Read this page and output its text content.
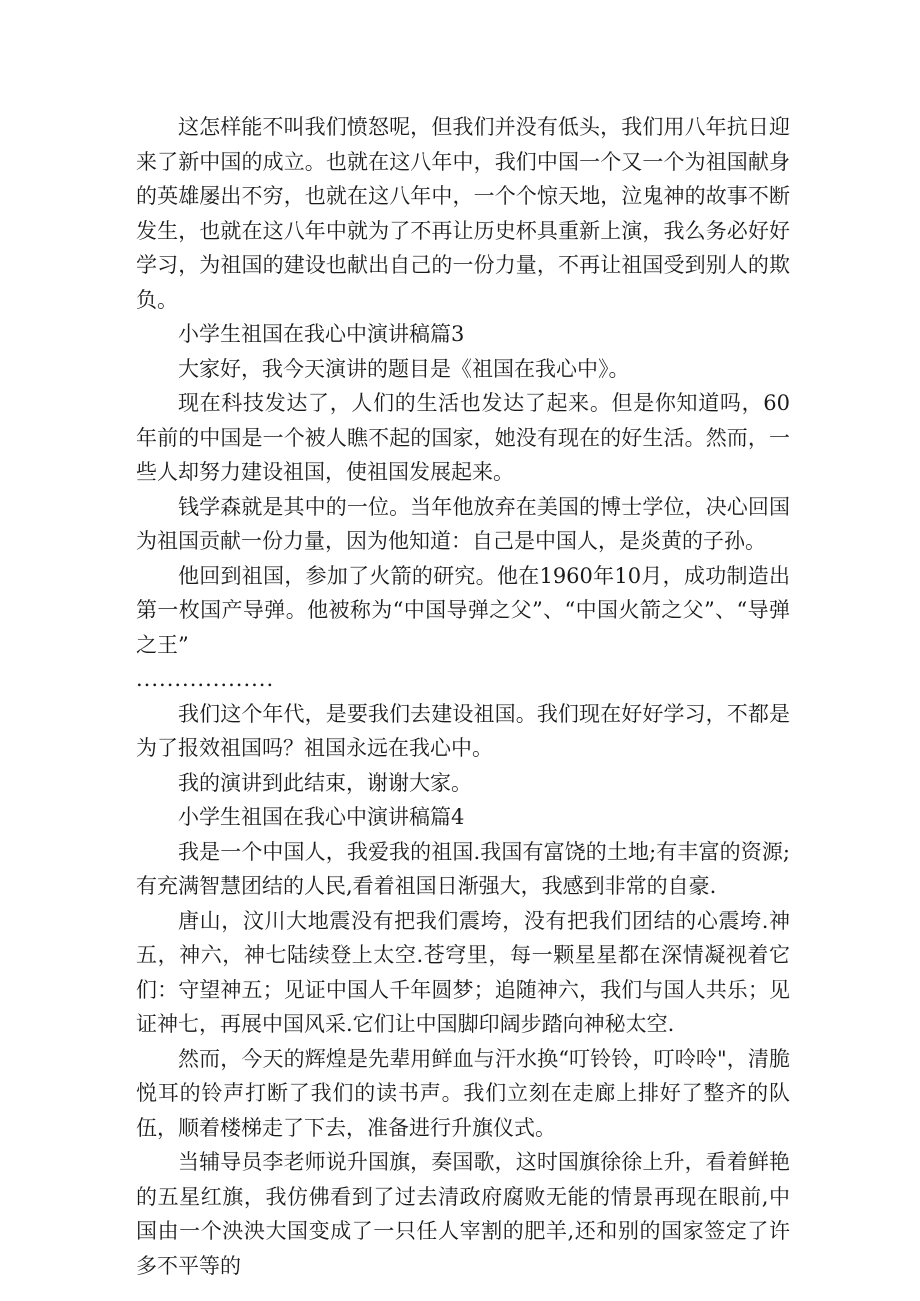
这怎样能不叫我们愤怒呢，但我们并没有低头，我们用八年抗日迎来了新中国的成立。也就在这八年中，我们中国一个又一个为祖国献身的英雄屡出不穷，也就在这八年中，一个个惊天地，泣鬼神的故事不断发生，也就在这八年中就为了不再让历史杯具重新上演，我么务必好好学习，为祖国的建设也献出自己的一份力量，不再让祖国受到别人的欺负。

小学生祖国在我心中演讲稿篇3

大家好，我今天演讲的题目是《祖国在我心中》。

现在科技发达了，人们的生活也发达了起来。但是你知道吗，60年前的中国是一个被人瞧不起的国家，她没有现在的好生活。然而，一些人却努力建设祖国，使祖国发展起来。

钱学森就是其中的一位。当年他放弃在美国的博士学位，决心回国为祖国贡献一份力量，因为他知道：自己是中国人，是炎黄的子孙。

他回到祖国，参加了火箭的研究。他在1960年10月，成功制造出第一枚国产导弹。他被称为“中国导弹之父”、“中国火箭之父”、“导弹之王”

..................

我们这个年代，是要我们去建设祖国。我们现在好好学习，不都是为了报效祖国吗？祖国永远在我心中。

我的演讲到此结束，谢谢大家。

小学生祖国在我心中演讲稿篇4

我是一个中国人，我爱我的祖国.我国有富饶的土地;有丰富的资源;有充满智慧团结的人民,看着祖国日渐强大，我感到非常的自豪.

唐山，汶川大地震没有把我们震垮，没有把我们团结的心震垮.神五，神六，神七陆续登上太空.苍穹里，每一颗星星都在深情凝视着它们：守望神五；见证中国人千年圆梦；追随神六，我们与国人共乐；见证神七，再展中国风采.它们让中国脚印阔步踏向神秘太空.

然而，今天的辉煌是先辈用鲜血与汗水换“叮铃铃，叮呤呤"，清脆悦耳的铃声打断了我们的读书声。我们立刻在走廊上排好了整齐的队伍，顺着楼梯走了下去，准备进行升旗仪式。

当辅导员李老师说升国旗，奏国歌，这时国旗徐徐上升，看着鲜艳的五星红旗，我仿佛看到了过去清政府腐败无能的情景再现在眼前,中国由一个泱泱大国变成了一只任人宰割的肥羊,还和别的国家签定了许多不平等的
